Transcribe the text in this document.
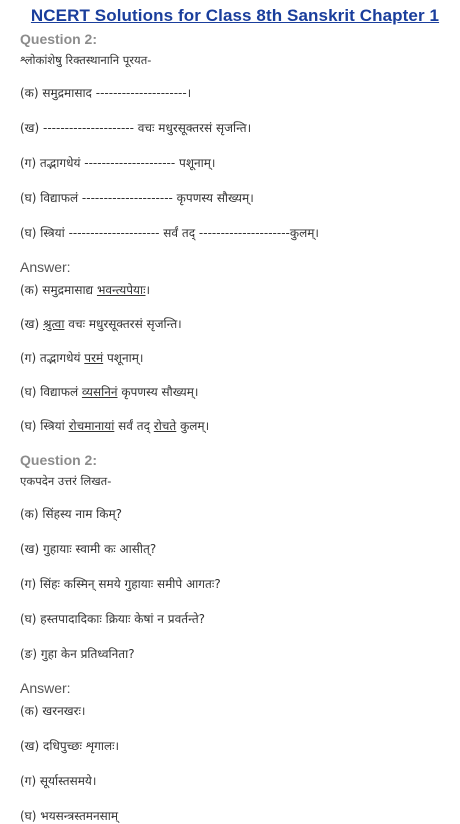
NCERT Solutions for Class 8th Sanskrit Chapter 1
Question 2:
श्लोकांशेषु रिक्तस्थानानि पूरयत-
(क) समुद्रमासाद ---------------------।
(ख) --------------------- वचः मधुरसूक्तरसं सृजन्ति।
(ग) तद्भागधेयं --------------------- पशूनाम्।
(घ) विद्याफलं --------------------- कृपणस्य सौख्यम्।
(घ) स्त्रियां --------------------- सर्वं तद् ---------------------कुलम्।
Answer:
(क) समुद्रमासाद्य भवन्त्यपेयाः।
(ख) श्रुत्वा वचः मधुरसूक्तरसं सृजन्ति।
(ग) तद्भागधेयं परमं पशूनाम्।
(घ) विद्याफलं व्यसनिनं कृपणस्य सौख्यम्।
(घ) स्त्रियां रोचमानायां सर्वं तद् रोचते कुलम्।
Question 2:
एकपदेन उत्तरं लिखत-
(क) सिंहस्य नाम किम्?
(ख) गुहायाः स्वामी कः आसीत्?
(ग) सिंहः कस्मिन् समये गुहायाः समीपे आगतः?
(घ) हस्तपादादिकाः क्रियाः केषां न प्रवर्तन्ते?
(ङ) गुहा केन प्रतिध्वनिता?
Answer:
(क) खरनखरः।
(ख) दधिपुच्छः शृगालः।
(ग) सूर्यास्तसमये।
(घ) भयसन्त्रस्तमनसाम्
